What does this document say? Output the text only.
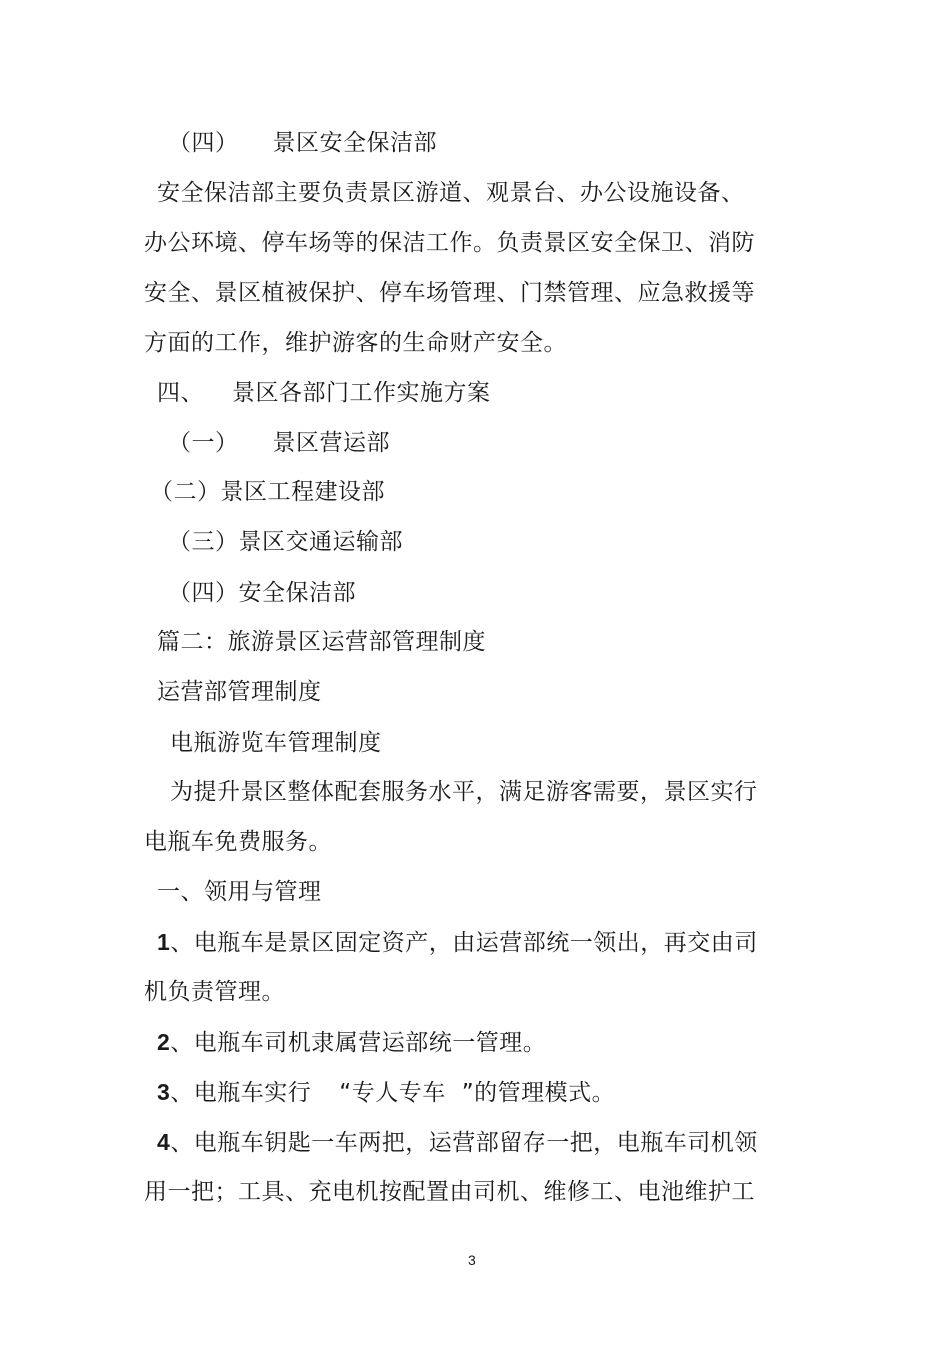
（四） 景区安全保洁部
安全保洁部主要负责景区游道、观景台、办公设施设备、
办公环境、停车场等的保洁工作。负责景区安全保卫、消防
安全、景区植被保护、停车场管理、门禁管理、应急救援等
方面的工作，维护游客的生命财产安全。
四、 景区各部门工作实施方案
（一） 景区营运部
（二）景区工程建设部
（三）景区交通运输部
（四）安全保洁部
篇二：旅游景区运营部管理制度
运营部管理制度
电瓶游览车管理制度
为提升景区整体配套服务水平，满足游客需要，景区实行
电瓶车免费服务。
一、领用与管理
1、电瓶车是景区固定资产，由运营部统一领出，再交由司
机负责管理。
2、电瓶车司机隶属营运部统一管理。
3、电瓶车实行 “专人专车 ”的管理模式。
4、电瓶车钥匙一车两把，运营部留存一把，电瓶车司机领
用一把；工具、充电机按配置由司机、维修工、电池维护工
3
